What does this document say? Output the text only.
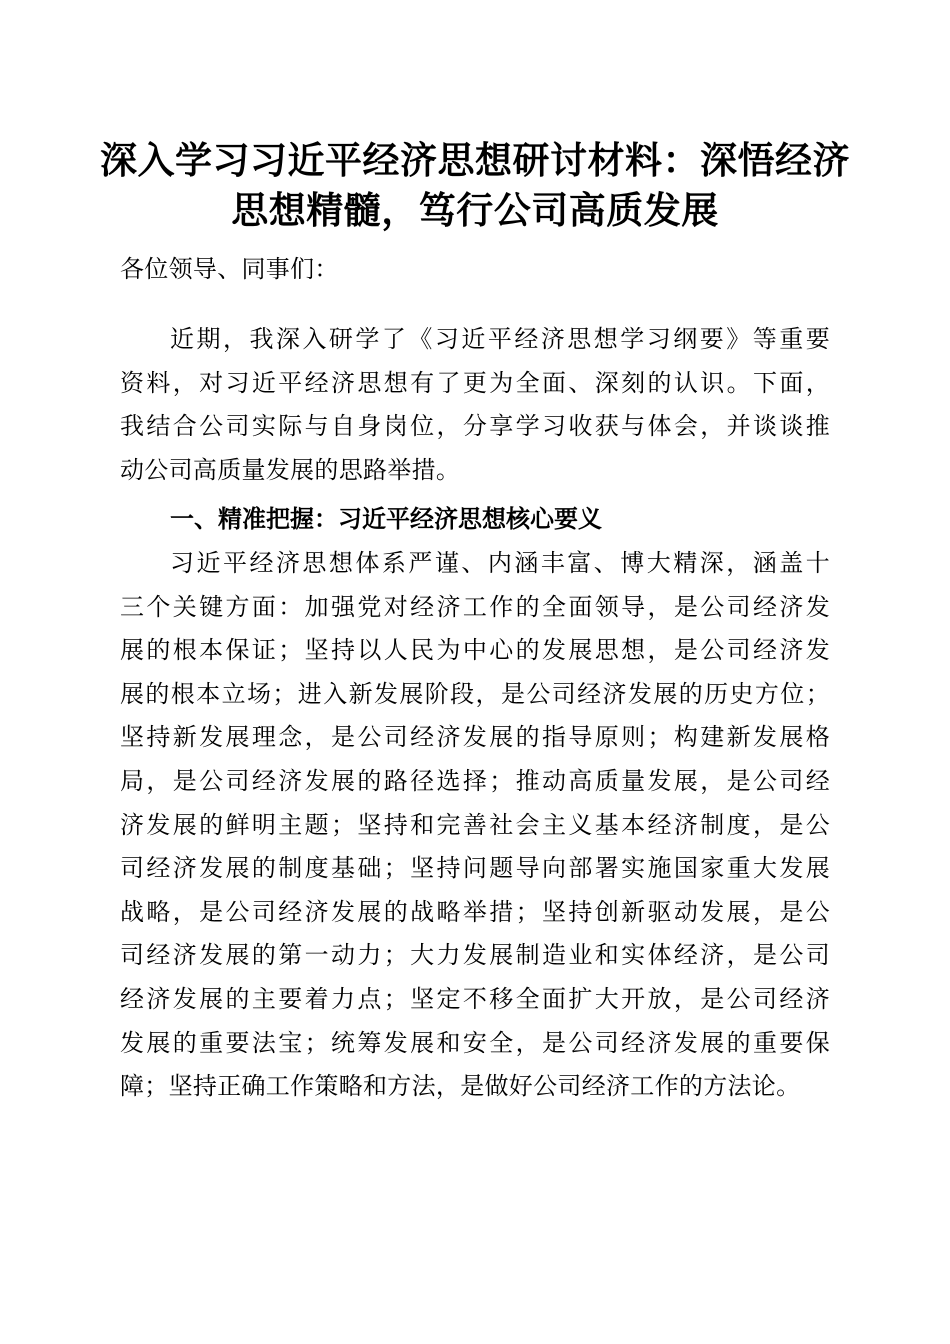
深入学习习近平经济思想研讨材料：深悟经济
思想精髓，笃行公司高质发展
各位领导、同事们：
近期，我深入研学了《习近平经济思想学习纲要》等重要
资料，对习近平经济思想有了更为全面、深刻的认识。下面，
我结合公司实际与自身岗位，分享学习收获与体会，并谈谈推
动公司高质量发展的思路举措。
一、精准把握：习近平经济思想核心要义
习近平经济思想体系严谨、内涵丰富、博大精深，涵盖十
三个关键方面：加强党对经济工作的全面领导，是公司经济发
展的根本保证；坚持以人民为中心的发展思想，是公司经济发
展的根本立场；进入新发展阶段，是公司经济发展的历史方位；
坚持新发展理念，是公司经济发展的指导原则；构建新发展格
局，是公司经济发展的路径选择；推动高质量发展，是公司经
济发展的鲜明主题；坚持和完善社会主义基本经济制度，是公
司经济发展的制度基础；坚持问题导向部署实施国家重大发展
战略，是公司经济发展的战略举措；坚持创新驱动发展，是公
司经济发展的第一动力；大力发展制造业和实体经济，是公司
经济发展的主要着力点；坚定不移全面扩大开放，是公司经济
发展的重要法宝；统筹发展和安全，是公司经济发展的重要保
障；坚持正确工作策略和方法，是做好公司经济工作的方法论。
